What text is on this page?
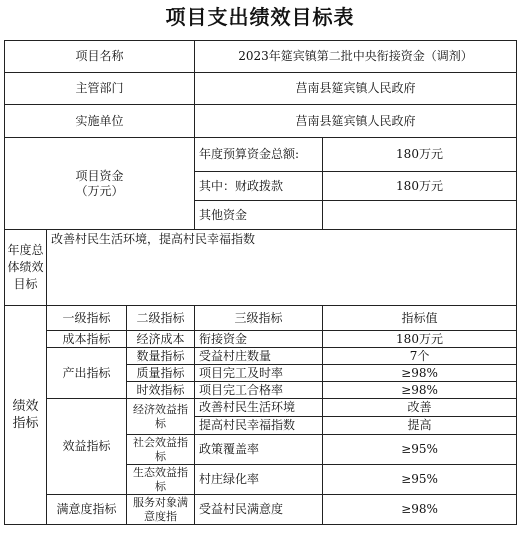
项目支出绩效目标表
项目名称			2023年筵宾镇第二批中央衔接资金（调剂）	
主管部门			莒南县筵宾镇人民政府	
实施单位			莒南县筵宾镇人民政府	

项目资金
（万元）			年度预算资金总额:	180万元
			其中：财政拨款	180万元
			其他资金	
年度总体绩效目标	改善村民生活环境，提高村民幸福指数			
绩效指标	一级指标	二级指标	三级指标	指标值
	成本指标	经济成本	衔接资金	180万元
	产出指标	数量指标	受益村庄数量	7个
		质量指标	项目完工及时率	≥98%
		时效指标	项目完工合格率	≥98%
	效益指标	经济效益指标	改善村民生活环境	改善
			提高村民幸福指数	提高
		社会效益指标	政策覆盖率	≥95%
		生态效益指标	村庄绿化率	≥95%
	满意度指标	服务对象满意度指	受益村民满意度	≥98%
